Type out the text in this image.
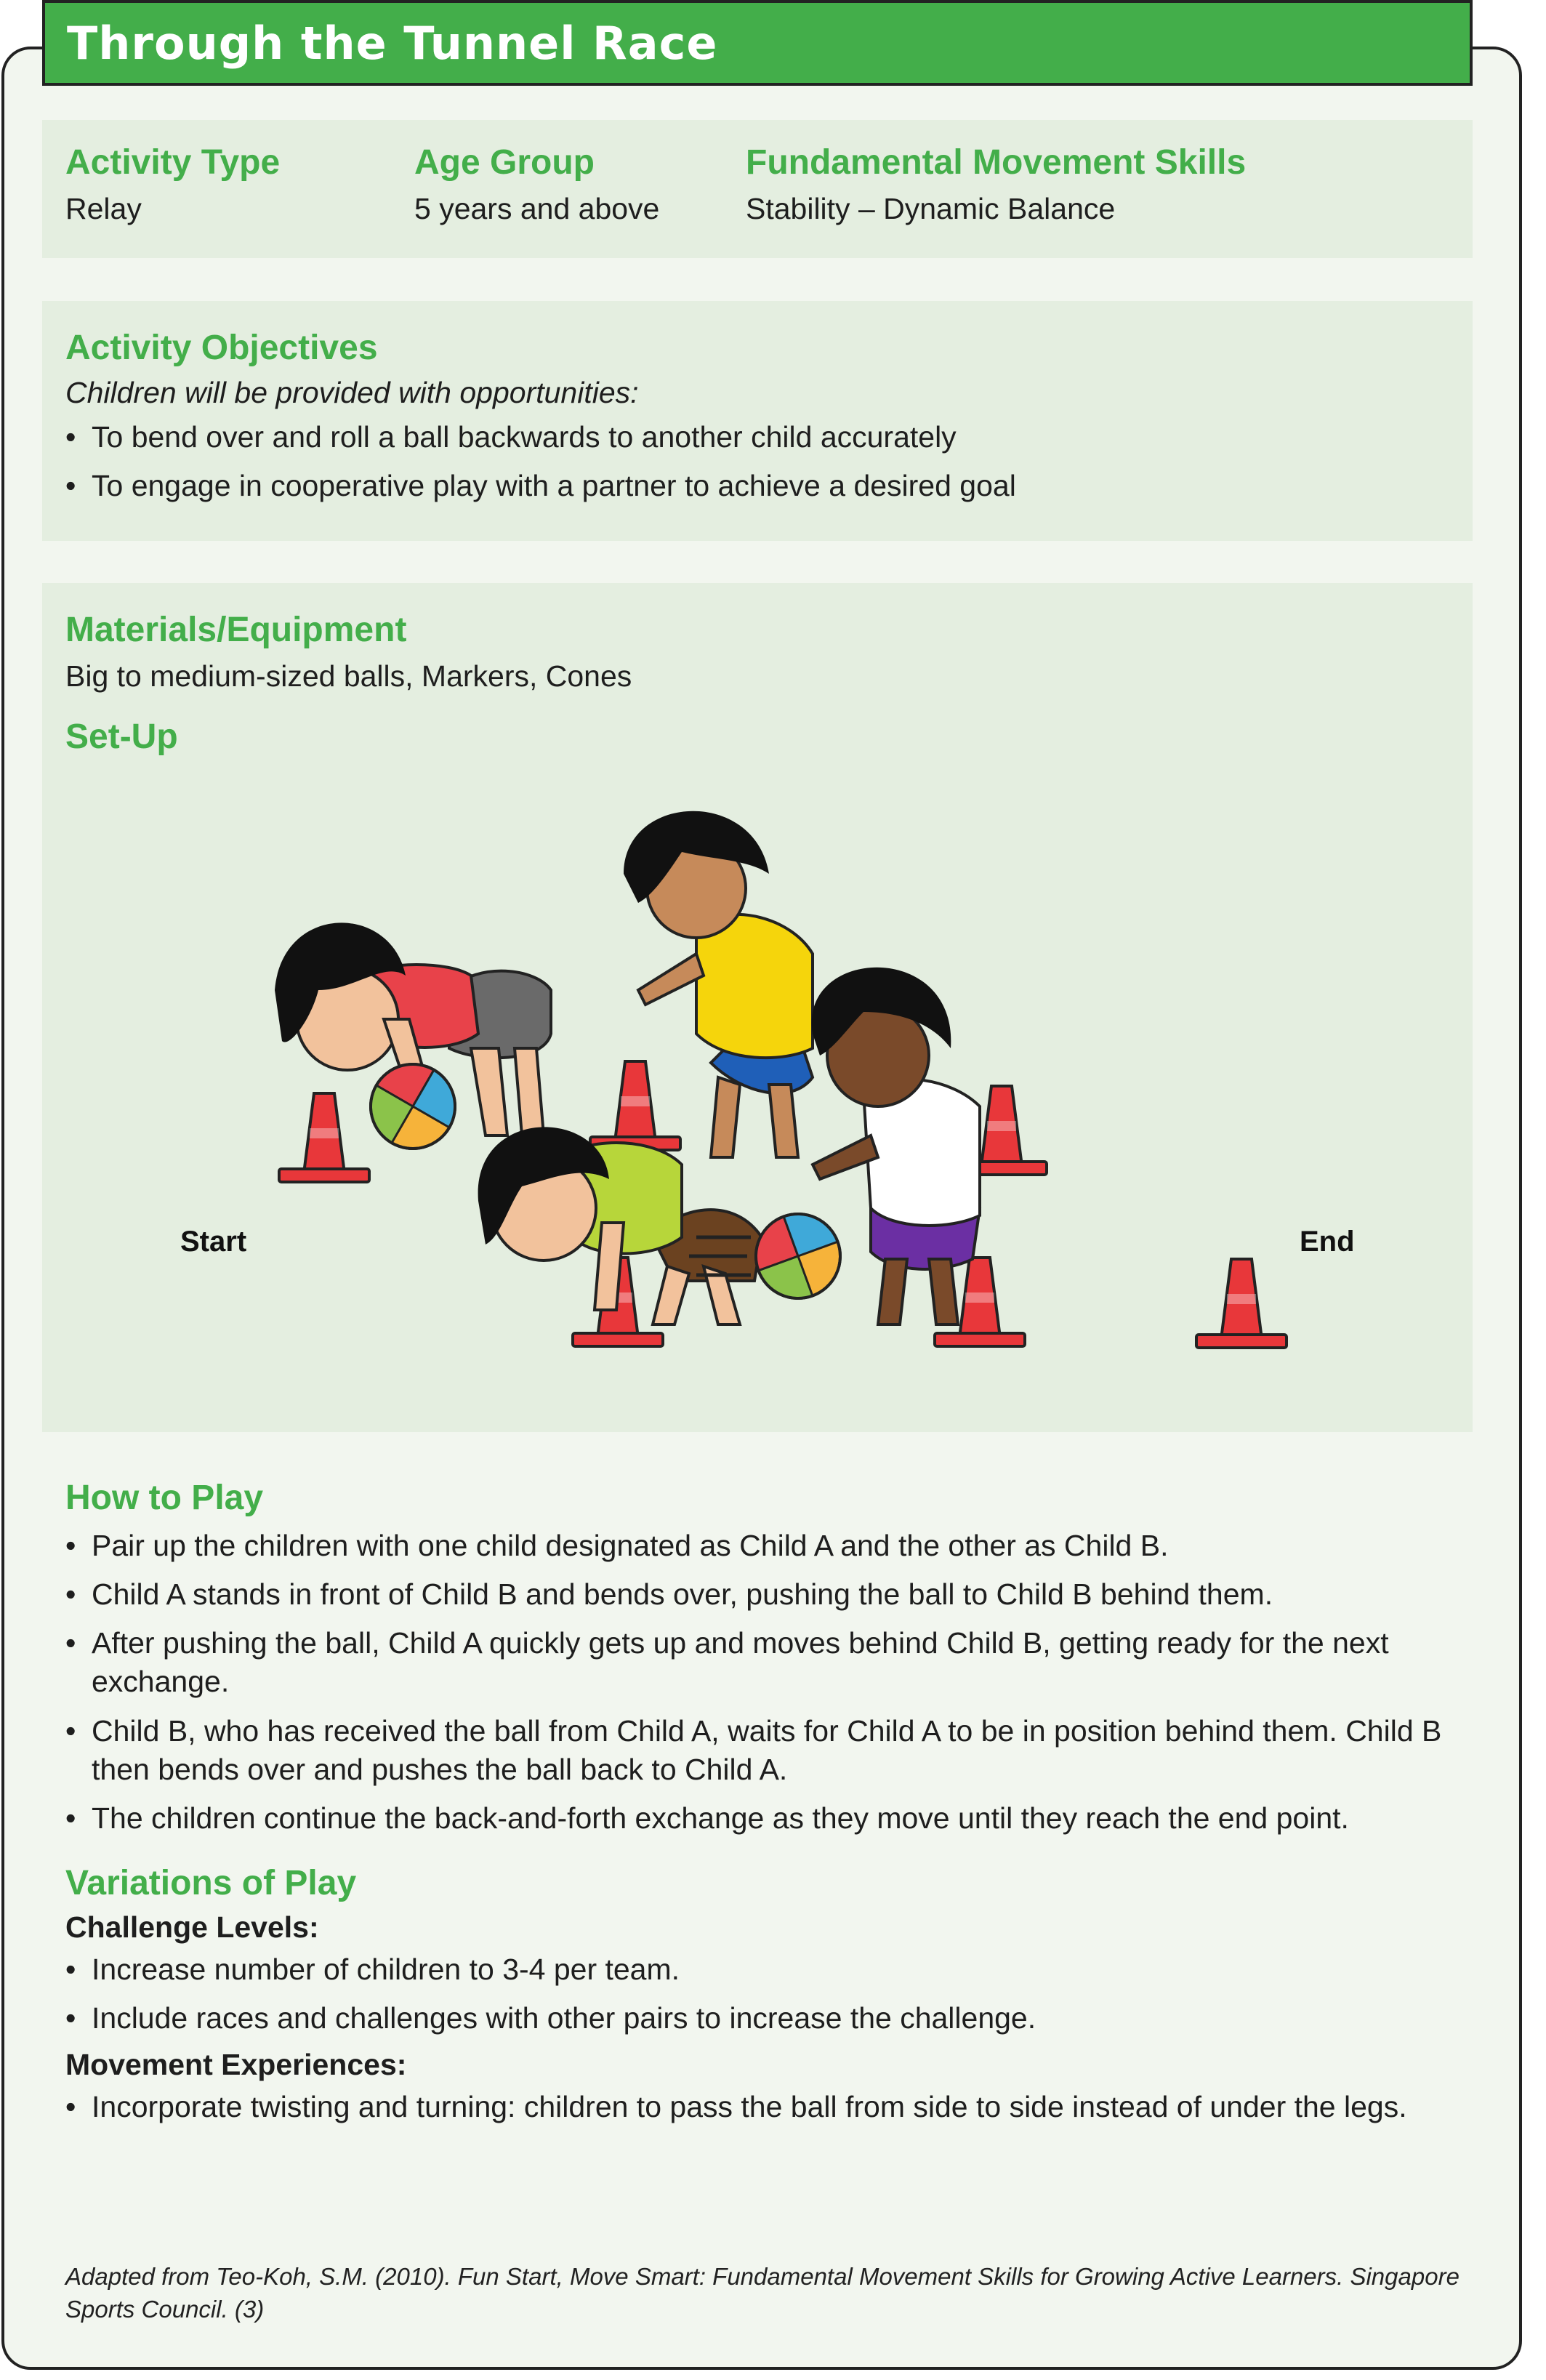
Through the Tunnel Race

Activity Type

Relay

Age Group

5 years and above

Fundamental Movement Skills

Stability – Dynamic Balance

Activity Objectives

Children will be provided with opportunities:

• To bend over and roll a ball backwards to another child accurately
• To engage in cooperative play with a partner to achieve a desired goal

Materials/Equipment

Big to medium-sized balls, Markers, Cones

Set-Up

Start	End

How to Play

• Pair up the children with one child designated as Child A and the other as Child B.
• Child A stands in front of Child B and bends over, pushing the ball to Child B behind them.
• After pushing the ball, Child A quickly gets up and moves behind Child B, getting ready for the next exchange.
• Child B, who has received the ball from Child A, waits for Child A to be in position behind them. Child B then bends over and pushes the ball back to Child A.
• The children continue the back-and-forth exchange as they move until they reach the end point.

Variations of Play

Challenge Levels:

• Increase number of children to 3-4 per team.
• Include races and challenges with other pairs to increase the challenge.

Movement Experiences:

• Incorporate twisting and turning: children to pass the ball from side to side instead of under the legs.
Adapted from Teo-Koh, S.M. (2010). Fun Start, Move Smart: Fundamental Movement Skills for Growing Active Learners. Singapore Sports Council. (3)
